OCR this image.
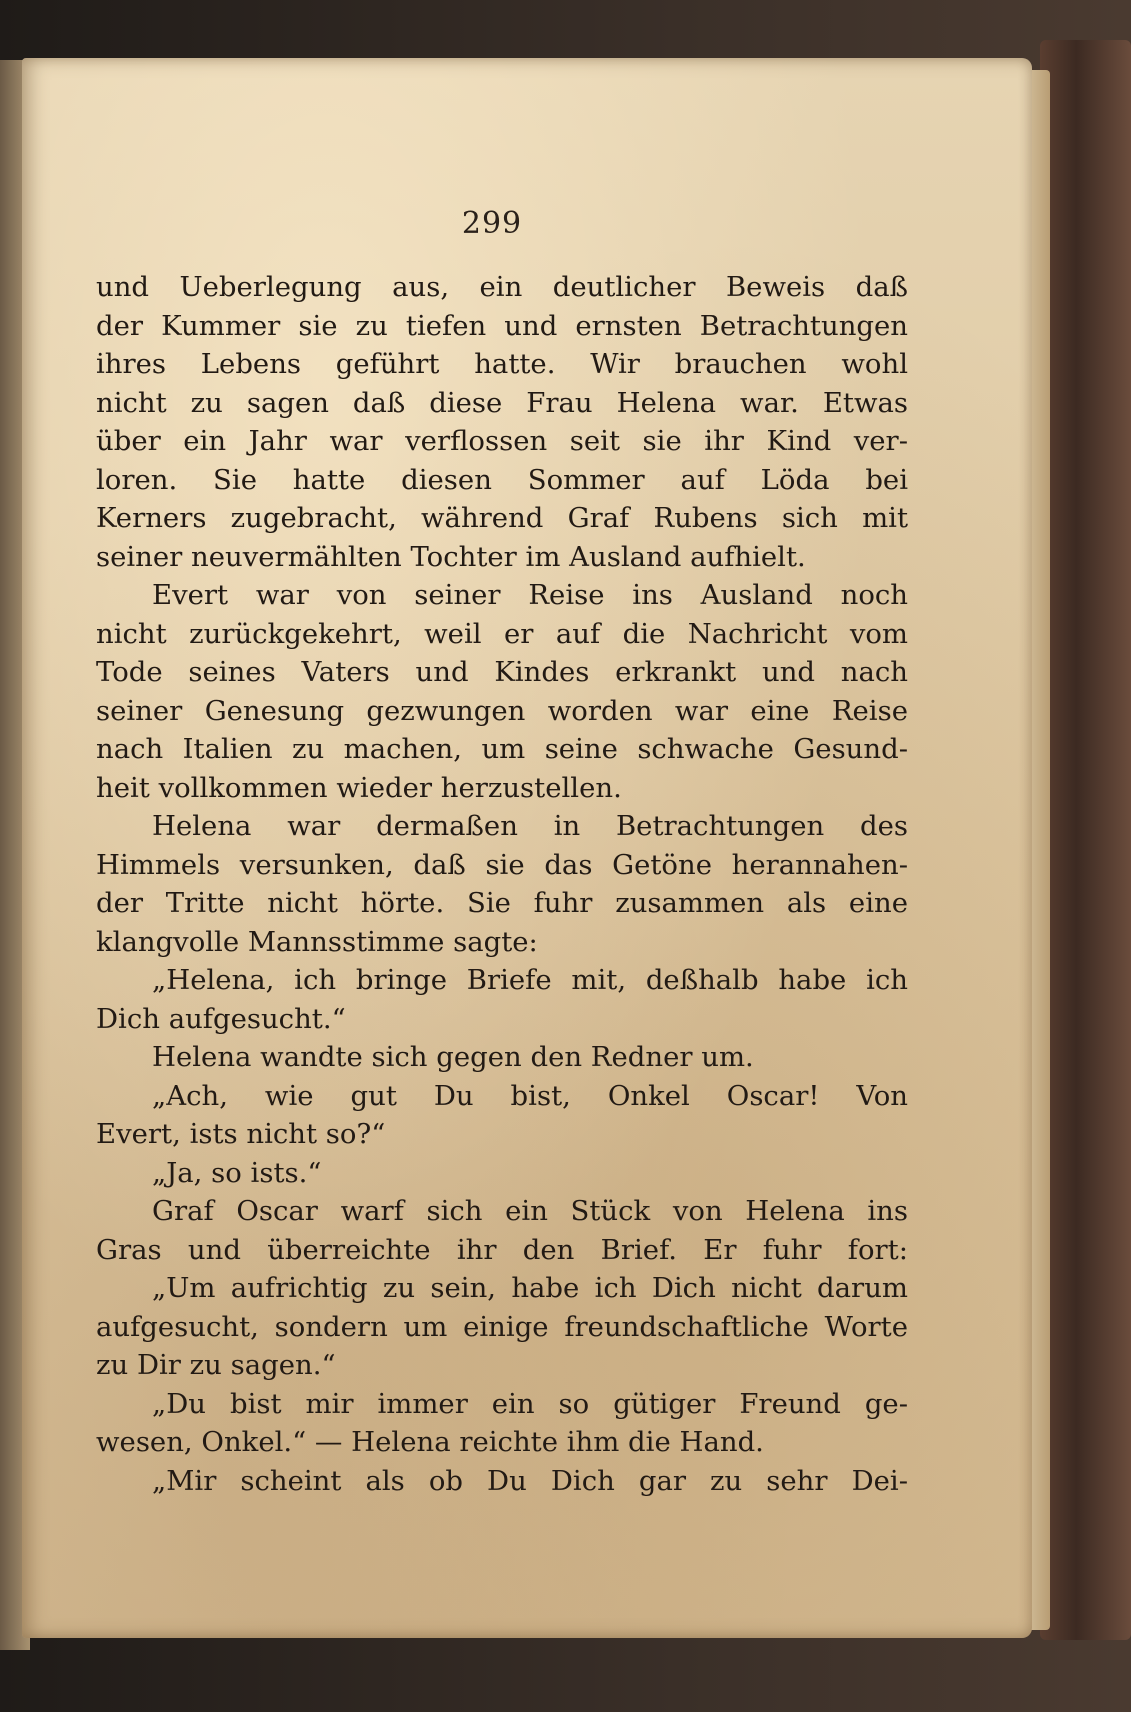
299
und Ueberlegung aus, ein deutlicher Beweis daß
der Kummer sie zu tiefen und ernsten Betrachtungen
ihres Lebens geführt hatte. Wir brauchen wohl
nicht zu sagen daß diese Frau Helena war. Etwas
über ein Jahr war verflossen seit sie ihr Kind ver-
loren. Sie hatte diesen Sommer auf Löda bei
Kerners zugebracht, während Graf Rubens sich mit
seiner neuvermählten Tochter im Ausland aufhielt.
Evert war von seiner Reise ins Ausland noch
nicht zurückgekehrt, weil er auf die Nachricht vom
Tode seines Vaters und Kindes erkrankt und nach
seiner Genesung gezwungen worden war eine Reise
nach Italien zu machen, um seine schwache Gesund-
heit vollkommen wieder herzustellen.
Helena war dermaßen in Betrachtungen des
Himmels versunken, daß sie das Getöne herannahen-
der Tritte nicht hörte. Sie fuhr zusammen als eine
klangvolle Mannsstimme sagte:
„Helena, ich bringe Briefe mit, deßhalb habe ich
Dich aufgesucht.“
Helena wandte sich gegen den Redner um.
„Ach, wie gut Du bist, Onkel Oscar! Von
Evert, ists nicht so?“
„Ja, so ists.“
Graf Oscar warf sich ein Stück von Helena ins
Gras und überreichte ihr den Brief. Er fuhr fort:
„Um aufrichtig zu sein, habe ich Dich nicht darum
aufgesucht, sondern um einige freundschaftliche Worte
zu Dir zu sagen.“
„Du bist mir immer ein so gütiger Freund ge-
wesen, Onkel.“ — Helena reichte ihm die Hand.
„Mir scheint als ob Du Dich gar zu sehr Dei-
